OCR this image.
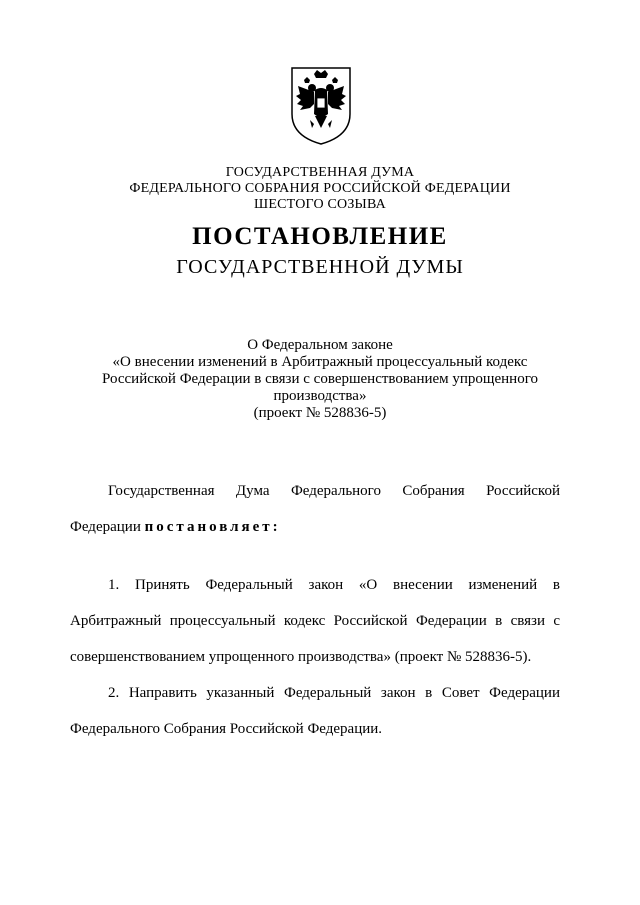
ГОСУДАРСТВЕННАЯ ДУМА
ФЕДЕРАЛЬНОГО СОБРАНИЯ РОССИЙСКОЙ ФЕДЕРАЦИИ
ШЕСТОГО СОЗЫВА
ПОСТАНОВЛЕНИЕ
ГОСУДАРСТВЕННОЙ ДУМЫ
О Федеральном законе
«О внесении изменений в Арбитражный процессуальный кодекс
Российской Федерации в связи с совершенствованием упрощенного
производства»
(проект № 528836-5)
Государственная Дума Федерального Собрания Российской
Федерации постановляет:
1. Принять Федеральный закон «О внесении изменений в
Арбитражный процессуальный кодекс Российской Федерации в связи с
совершенствованием упрощенного производства» (проект № 528836-5).
2. Направить указанный Федеральный закон в Совет Федерации
Федерального Собрания Российской Федерации.
